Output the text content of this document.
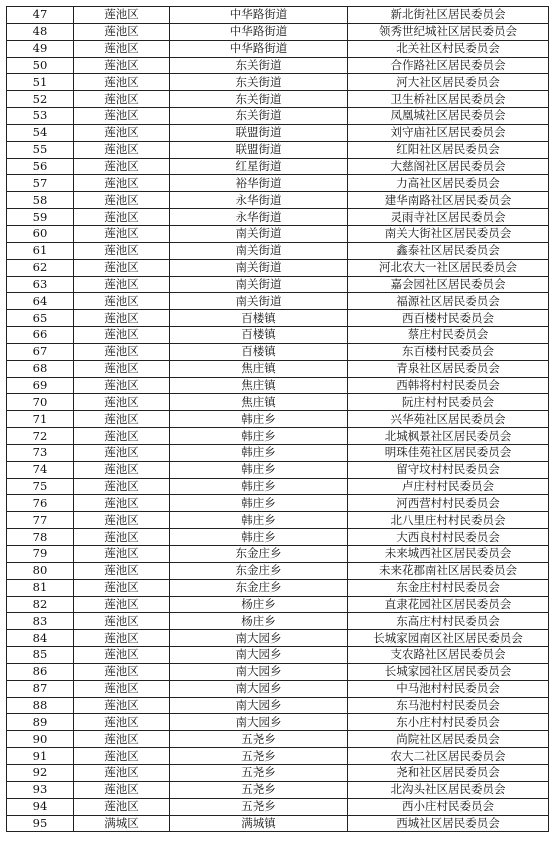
47	莲池区	中华路街道	新北街社区居民委员会
48	莲池区	中华路街道	领秀世纪城社区居民委员会
49	莲池区	中华路街道	北关社区村民委员会
50	莲池区	东关街道	合作路社区居民委员会
51	莲池区	东关街道	河大社区居民委员会
52	莲池区	东关街道	卫生桥社区居民委员会
53	莲池区	东关街道	凤凰城社区居民委员会
54	莲池区	联盟街道	刘守庙社区居民委员会
55	莲池区	联盟街道	红阳社区居民委员会
56	莲池区	红星街道	大慈阁社区居民委员会
57	莲池区	裕华街道	力高社区居民委员会
58	莲池区	永华街道	建华南路社区居民委员会
59	莲池区	永华街道	灵雨寺社区居民委员会
60	莲池区	南关街道	南关大街社区居民委员会
61	莲池区	南关街道	鑫泰社区居民委员会
62	莲池区	南关街道	河北农大一社区居民委员会
63	莲池区	南关街道	嘉会园社区居民委员会
64	莲池区	南关街道	福源社区居民委员会
65	莲池区	百楼镇	西百楼村民委员会
66	莲池区	百楼镇	蔡庄村民委员会
67	莲池区	百楼镇	东百楼村民委员会
68	莲池区	焦庄镇	青泉社区居民委员会
69	莲池区	焦庄镇	西韩将村村民委员会
70	莲池区	焦庄镇	阮庄村村民委员会
71	莲池区	韩庄乡	兴华苑社区居民委员会
72	莲池区	韩庄乡	北城枫景社区居民委员会
73	莲池区	韩庄乡	明珠佳苑社区居民委员会
74	莲池区	韩庄乡	留守坟村村民委员会
75	莲池区	韩庄乡	卢庄村村民委员会
76	莲池区	韩庄乡	河西营村村民委员会
77	莲池区	韩庄乡	北八里庄村村民委员会
78	莲池区	韩庄乡	大西良村村民委员会
79	莲池区	东金庄乡	未来城西社区居民委员会
80	莲池区	东金庄乡	未来花郡南社区居民委员会
81	莲池区	东金庄乡	东金庄村村民委员会
82	莲池区	杨庄乡	直隶花园社区居民委员会
83	莲池区	杨庄乡	东高庄村村民委员会
84	莲池区	南大园乡	长城家园南区社区居民委员会
85	莲池区	南大园乡	支农路社区居民委员会
86	莲池区	南大园乡	长城家园社区居民委员会
87	莲池区	南大园乡	中马池村村民委员会
88	莲池区	南大园乡	东马池村村民委员会
89	莲池区	南大园乡	东小庄村村民委员会
90	莲池区	五尧乡	尚院社区居民委员会
91	莲池区	五尧乡	农大二社区居民委员会
92	莲池区	五尧乡	尧和社区居民委员会
93	莲池区	五尧乡	北沟头社区居民委员会
94	莲池区	五尧乡	西小庄村民委员会
95	满城区	满城镇	西城社区居民委员会
